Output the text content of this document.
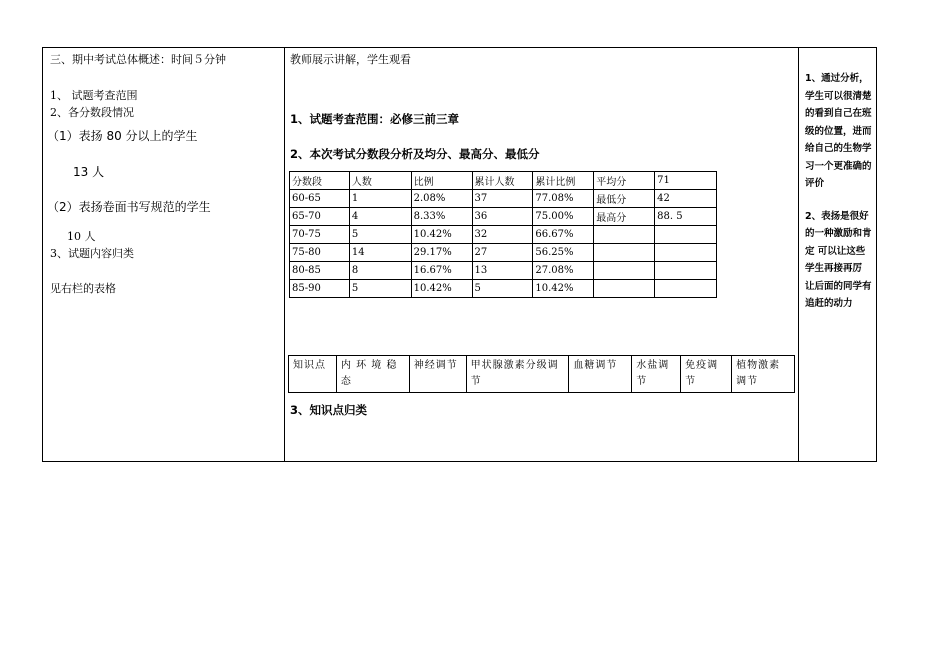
三、期中考试总体概述：时间５分钟
1、 试题考查范围
2、各分数段情况
（1）表扬 80 分以上的学生
13 人
（2）表扬卷面书写规范的学生
10 人
3、试题内容归类
见右栏的表格
教师展示讲解，学生观看
1、试题考查范围：必修三前三章
2、本次考试分数段分析及均分、最高分、最低分
分数段	人数	比例	累计人数	累计比例	平均分	71
60-65	1	2.08%	37	77.08%	最低分	42
65-70	4	8.33%	36	75.00%	最高分	88. 5
70-75	5	10.42%	32	66.67%		
75-80	14	29.17%	27	56.25%		
80-85	8	16.67%	13	27.08%		
85-90	5	10.42%	5	10.42%		
知识点	内 环 境 稳 态	神经调节	甲状腺激素分级调节	血糖调节	水盐调节	免疫调节	植物激素调节
3、知识点归类

1、通过分析，学生可以很清楚的看到自己在班级的位置，进而给自己的生物学习一个更准确的评价

2、表扬是很好的一种激励和肯定 可以让这些学生再接再厉 让后面的同学有追赶的动力
